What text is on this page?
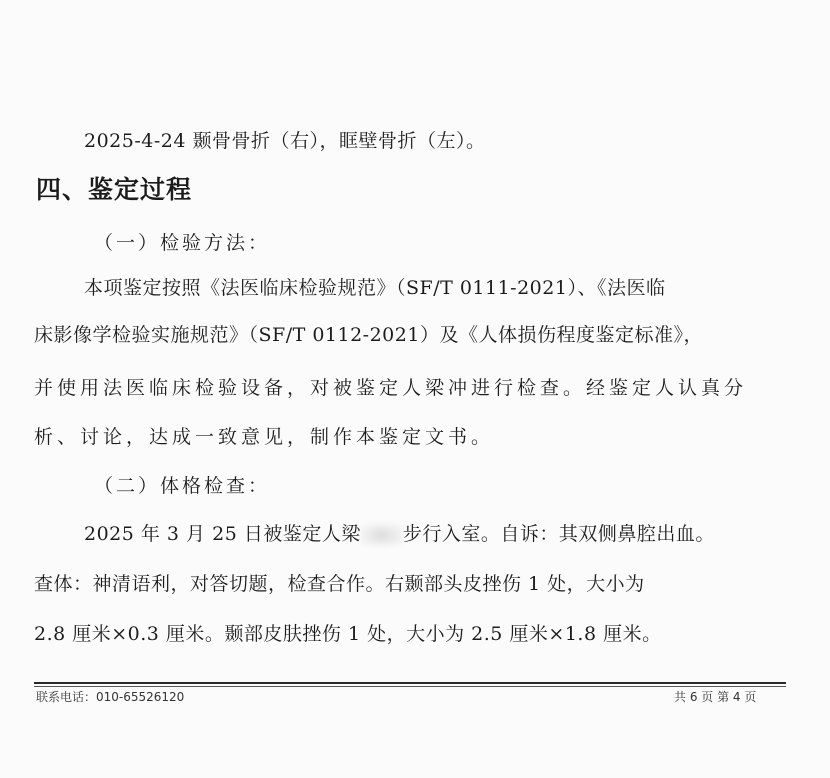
2025-4-24 颞骨骨折（右），眶壁骨折（左）。
四、鉴定过程
（一）检验方法：
本项鉴定按照《法医临床检验规范》（SF/T 0111-2021）、《法医临
床影像学检验实施规范》（SF/T 0112-2021）及《人体损伤程度鉴定标准》，
并使用法医临床检验设备，对被鉴定人梁冲进行检查。经鉴定人认真分
析、讨论，达成一致意见，制作本鉴定文书。
（二）体格检查：
2025 年 3 月 25 日被鉴定人梁 步行入室。自诉：其双侧鼻腔出血。
查体：神清语利，对答切题，检查合作。右颞部头皮挫伤 1 处，大小为
2.8 厘米×0.3 厘米。颞部皮肤挫伤 1 处，大小为 2.5 厘米×1.8 厘米。
联系电话：010-65526120	共 6 页 第 4 页
